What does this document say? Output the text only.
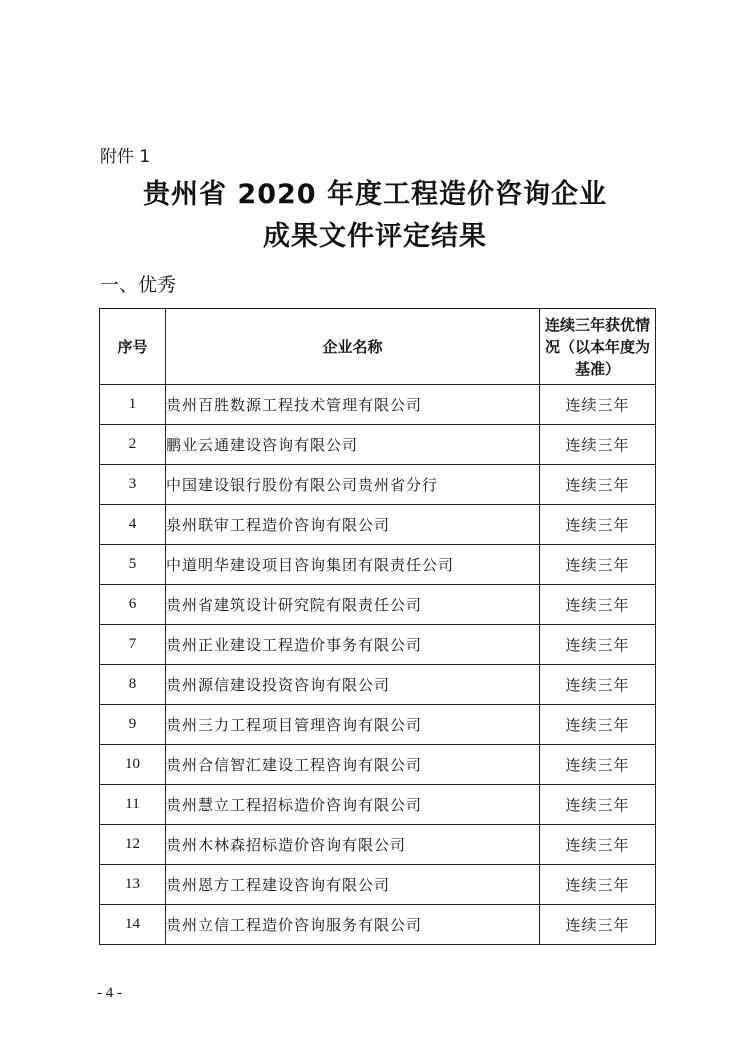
附件 1
贵州省 2020 年度工程造价咨询企业
成果文件评定结果
一、优秀
序号	企业名称	连续三年获优情况（以本年度为基准）

1	贵州百胜数源工程技术管理有限公司	连续三年
2	鹏业云通建设咨询有限公司	连续三年
3	中国建设银行股份有限公司贵州省分行	连续三年
4	泉州联审工程造价咨询有限公司	连续三年
5	中道明华建设项目咨询集团有限责任公司	连续三年
6	贵州省建筑设计研究院有限责任公司	连续三年
7	贵州正业建设工程造价事务有限公司	连续三年
8	贵州源信建设投资咨询有限公司	连续三年
9	贵州三力工程项目管理咨询有限公司	连续三年
10	贵州合信智汇建设工程咨询有限公司	连续三年
11	贵州慧立工程招标造价咨询有限公司	连续三年
12	贵州木林森招标造价咨询有限公司	连续三年
13	贵州恩方工程建设咨询有限公司	连续三年
14	贵州立信工程造价咨询服务有限公司	连续三年
- 4 -
